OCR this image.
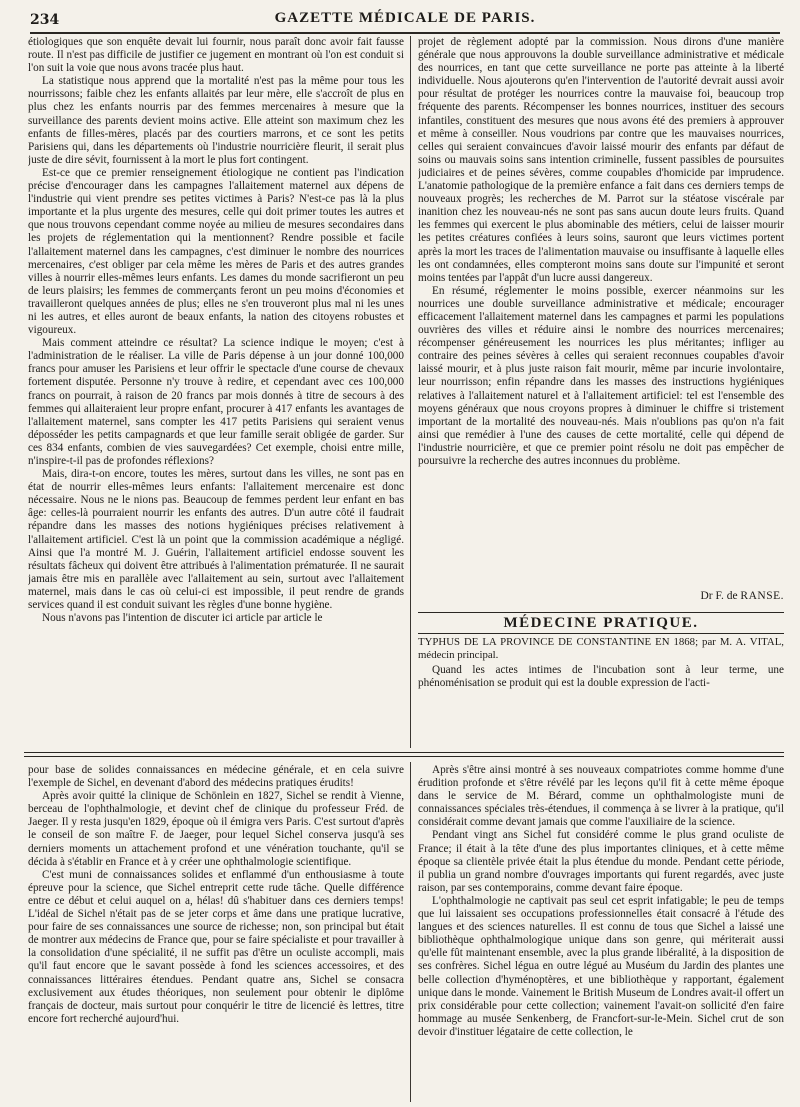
234	GAZETTE MÉDICALE DE PARIS.

étiologiques que son enquête devait lui fournir, nous paraît donc avoir fait fausse route. Il n'est pas difficile de justifier ce jugement en montrant où l'on est conduit si l'on suit la voie que nous avons tracée plus haut.

La statistique nous apprend que la mortalité n'est pas la même pour tous les nourrissons; faible chez les enfants allaités par leur mère, elle s'accroît de plus en plus chez les enfants nourris par des femmes mercenaires à mesure que la surveillance des parents devient moins active. Elle atteint son maximum chez les enfants de filles-mères, placés par des courtiers marrons, et ce sont les petits Parisiens qui, dans les départements où l'industrie nourricière fleurit, il serait plus juste de dire sévit, fournissent à la mort le plus fort contingent.

Est-ce que ce premier renseignement étiologique ne contient pas l'indication précise d'encourager dans les campagnes l'allaitement maternel aux dépens de l'industrie qui vient prendre ses petites victimes à Paris? N'est-ce pas là la plus importante et la plus urgente des mesures, celle qui doit primer toutes les autres et que nous trouvons cependant comme noyée au milieu de mesures secondaires dans les projets de réglementation qui la mentionnent? Rendre possible et facile l'allaitement maternel dans les campagnes, c'est diminuer le nombre des nourrices mercenaires, c'est obliger par cela même les mères de Paris et des autres grandes villes à nourrir elles-mêmes leurs enfants. Les dames du monde sacrifieront un peu de leurs plaisirs; les femmes de commerçants feront un peu moins d'économies et travailleront quelques années de plus; elles ne s'en trouveront plus mal ni les unes ni les autres, et elles auront de beaux enfants, la nation des citoyens robustes et vigoureux.

Mais comment atteindre ce résultat? La science indique le moyen; c'est à l'administration de le réaliser. La ville de Paris dépense à un jour donné 100,000 francs pour amuser les Parisiens et leur offrir le spectacle d'une course de chevaux fortement disputée. Personne n'y trouve à redire, et cependant avec ces 100,000 francs on pourrait, à raison de 20 francs par mois donnés à titre de secours à des femmes qui allaiteraient leur propre enfant, procurer à 417 enfants les avantages de l'allaitement maternel, sans compter les 417 petits Parisiens qui seraient venus déposséder les petits campagnards et que leur famille serait obligée de garder. Sur ces 834 enfants, combien de vies sauvegardées? Cet exemple, choisi entre mille, n'inspire-t-il pas de profondes réflexions?

Mais, dira-t-on encore, toutes les mères, surtout dans les villes, ne sont pas en état de nourrir elles-mêmes leurs enfants: l'allaitement mercenaire est donc nécessaire. Nous ne le nions pas. Beaucoup de femmes perdent leur enfant en bas âge: celles-là pourraient nourrir les enfants des autres. D'un autre côté il faudrait répandre dans les masses des notions hygiéniques précises relativement à l'allaitement artificiel. C'est là un point que la commission académique a négligé. Ainsi que l'a montré M. J. Guérin, l'allaitement artificiel endosse souvent les résultats fâcheux qui doivent être attribués à l'alimentation prématurée. Il ne saurait jamais être mis en parallèle avec l'allaitement au sein, surtout avec l'allaitement maternel, mais dans le cas où celui-ci est impossible, il peut rendre de grands services quand il est conduit suivant les règles d'une bonne hygiène.

Nous n'avons pas l'intention de discuter ici article par article le

projet de règlement adopté par la commission. Nous dirons d'une manière générale que nous approuvons la double surveillance administrative et médicale des nourrices, en tant que cette surveillance ne porte pas atteinte à la liberté individuelle. Nous ajouterons qu'en l'intervention de l'autorité devrait aussi avoir pour résultat de protéger les nourrices contre la mauvaise foi, beaucoup trop fréquente des parents. Récompenser les bonnes nourrices, instituer des secours infantiles, constituent des mesures que nous avons été des premiers à approuver et même à conseiller. Nous voudrions par contre que les mauvaises nourrices, celles qui seraient convaincues d'avoir laissé mourir des enfants par défaut de soins ou mauvais soins sans intention criminelle, fussent passibles de poursuites judiciaires et de peines sévères, comme coupables d'homicide par imprudence. L'anatomie pathologique de la première enfance a fait dans ces derniers temps de nouveaux progrès; les recherches de M. Parrot sur la stéatose viscérale par inanition chez les nouveau-nés ne sont pas sans aucun doute leurs fruits. Quand les femmes qui exercent le plus abominable des métiers, celui de laisser mourir les petites créatures confiées à leurs soins, sauront que leurs victimes portent après la mort les traces de l'alimentation mauvaise ou insuffisante à laquelle elles les ont condamnées, elles compteront moins sans doute sur l'impunité et seront moins tentées par l'appât d'un lucre aussi dangereux.

En résumé, réglementer le moins possible, exercer néanmoins sur les nourrices une double surveillance administrative et médicale; encourager efficacement l'allaitement maternel dans les campagnes et parmi les populations ouvrières des villes et réduire ainsi le nombre des nourrices mercenaires; récompenser généreusement les nourrices les plus méritantes; infliger au contraire des peines sévères à celles qui seraient reconnues coupables d'avoir laissé mourir, et à plus juste raison fait mourir, même par incurie involontaire, leur nourrisson; enfin répandre dans les masses des instructions hygiéniques relatives à l'allaitement naturel et à l'allaitement artificiel: tel est l'ensemble des moyens généraux que nous croyons propres à diminuer le chiffre si tristement important de la mortalité des nouveau-nés. Mais n'oublions pas qu'on n'a fait ainsi que remédier à l'une des causes de cette mortalité, celle qui dépend de l'industrie nourricière, et que ce premier point résolu ne doit pas empêcher de poursuivre la recherche des autres inconnues du problème.

Dr F. de RANSE.
MÉDECINE PRATIQUE.
TYPHUS DE LA PROVINCE DE CONSTANTINE EN 1868; par M. A. VITAL, médecin principal.

Quand les actes intimes de l'incubation sont à leur terme, une phénoménisation se produit qui est la double expression de l'acti-

pour base de solides connaissances en médecine générale, et en cela suivre l'exemple de Sichel, en devenant d'abord des médecins pratiques érudits!

Après avoir quitté la clinique de Schönlein en 1827, Sichel se rendit à Vienne, berceau de l'ophthalmologie, et devint chef de clinique du professeur Fréd. de Jaeger. Il y resta jusqu'en 1829, époque où il émigra vers Paris. C'est surtout d'après le conseil de son maître F. de Jaeger, pour lequel Sichel conserva jusqu'à ses derniers moments un attachement profond et une vénération touchante, qu'il se décida à s'établir en France et à y créer une ophthalmologie scientifique.

C'est muni de connaissances solides et enflammé d'un enthousiasme à toute épreuve pour la science, que Sichel entreprit cette rude tâche. Quelle différence entre ce début et celui auquel on a, hélas! dû s'habituer dans ces derniers temps! L'idéal de Sichel n'était pas de se jeter corps et âme dans une pratique lucrative, pour faire de ses connaissances une source de richesse; non, son principal but était de montrer aux médecins de France que, pour se faire spécialiste et pour travailler à la consolidation d'une spécialité, il ne suffit pas d'être un oculiste accompli, mais qu'il faut encore que le savant possède à fond les sciences accessoires, et des connaissances littéraires étendues. Pendant quatre ans, Sichel se consacra exclusivement aux études théoriques, non seulement pour obtenir le diplôme français de docteur, mais surtout pour conquérir le titre de licencié ès lettres, titre encore fort recherché aujourd'hui.

Après s'être ainsi montré à ses nouveaux compatriotes comme homme d'une érudition profonde et s'être révélé par les leçons qu'il fit à cette même époque dans le service de M. Bérard, comme un ophthalmologiste muni de connaissances spéciales très-étendues, il commença à se livrer à la pratique, qu'il considérait comme devant jamais que comme l'auxiliaire de la science.

Pendant vingt ans Sichel fut considéré comme le plus grand oculiste de France; il était à la tête d'une des plus importantes cliniques, et à cette même époque sa clientèle privée était la plus étendue du monde. Pendant cette période, il publia un grand nombre d'ouvrages importants qui furent regardés, avec juste raison, par ses contemporains, comme devant faire époque.

L'ophthalmologie ne captivait pas seul cet esprit infatigable; le peu de temps que lui laissaient ses occupations professionnelles était consacré à l'étude des langues et des sciences naturelles. Il est connu de tous que Sichel a laissé une bibliothèque ophthalmologique unique dans son genre, qui mériterait aussi qu'elle fût maintenant ensemble, avec la plus grande libéralité, à la disposition de ses confrères. Sichel légua en outre légué au Muséum du Jardin des plantes une belle collection d'hyménoptères, et une bibliothèque y rapportant, également unique dans le monde. Vainement le British Museum de Londres avait-il offert un prix considérable pour cette collection; vainement l'avait-on sollicité d'en faire hommage au musée Senkenberg, de Francfort-sur-le-Mein. Sichel crut de son devoir d'instituer légataire de cette collection, le
